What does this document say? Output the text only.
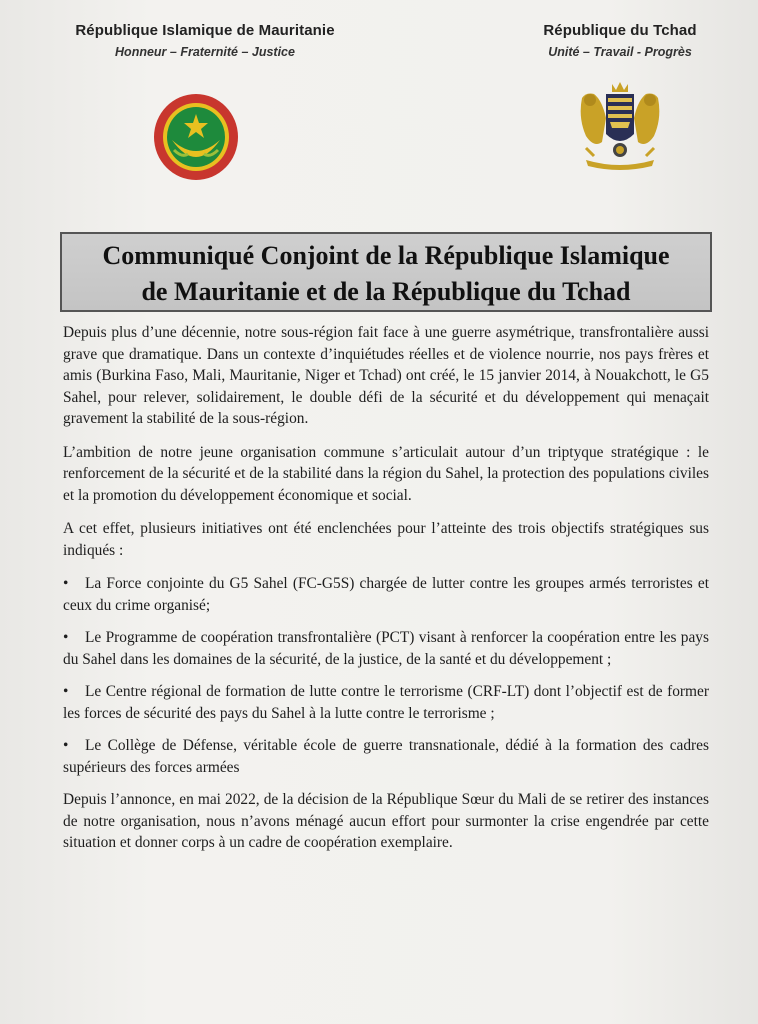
République Islamique de Mauritanie
Honneur – Fraternité – Justice
République du Tchad
Unité – Travail - Progrès
Communiqué Conjoint de la République Islamique
de Mauritanie et de la République du Tchad

Depuis plus d’une décennie, notre sous-région fait face à une guerre asymétrique, transfrontalière aussi grave que dramatique. Dans un contexte d’inquiétudes réelles et de violence nourrie, nos pays frères et amis (Burkina Faso, Mali, Mauritanie, Niger et Tchad) ont créé, le 15 janvier 2014, à Nouakchott, le G5 Sahel, pour relever, solidairement, le double défi de la sécurité et du développement qui menaçait gravement la stabilité de la sous-région.

L’ambition de notre jeune organisation commune s’articulait autour d’un triptyque stratégique : le renforcement de la sécurité et de la stabilité dans la région du Sahel, la protection des populations civiles et la promotion du développement économique et social.

A cet effet, plusieurs initiatives ont été enclenchées pour l’atteinte des trois objectifs stratégiques sus indiqués :

• La Force conjointe du G5 Sahel (FC-G5S) chargée de lutter contre les groupes armés terroristes et ceux du crime organisé;

• Le Programme de coopération transfrontalière (PCT) visant à renforcer la coopération entre les pays du Sahel dans les domaines de la sécurité, de la justice, de la santé et du développement ;

• Le Centre régional de formation de lutte contre le terrorisme (CRF-LT) dont l’objectif est de former les forces de sécurité des pays du Sahel à la lutte contre le terrorisme ;

• Le Collège de Défense, véritable école de guerre transnationale, dédié à la formation des cadres supérieurs des forces armées

Depuis l’annonce, en mai 2022, de la décision de la République Sœur du Mali de se retirer des instances de notre organisation, nous n’avons ménagé aucun effort pour surmonter la crise engendrée par cette situation et donner corps à un cadre de coopération exemplaire.
